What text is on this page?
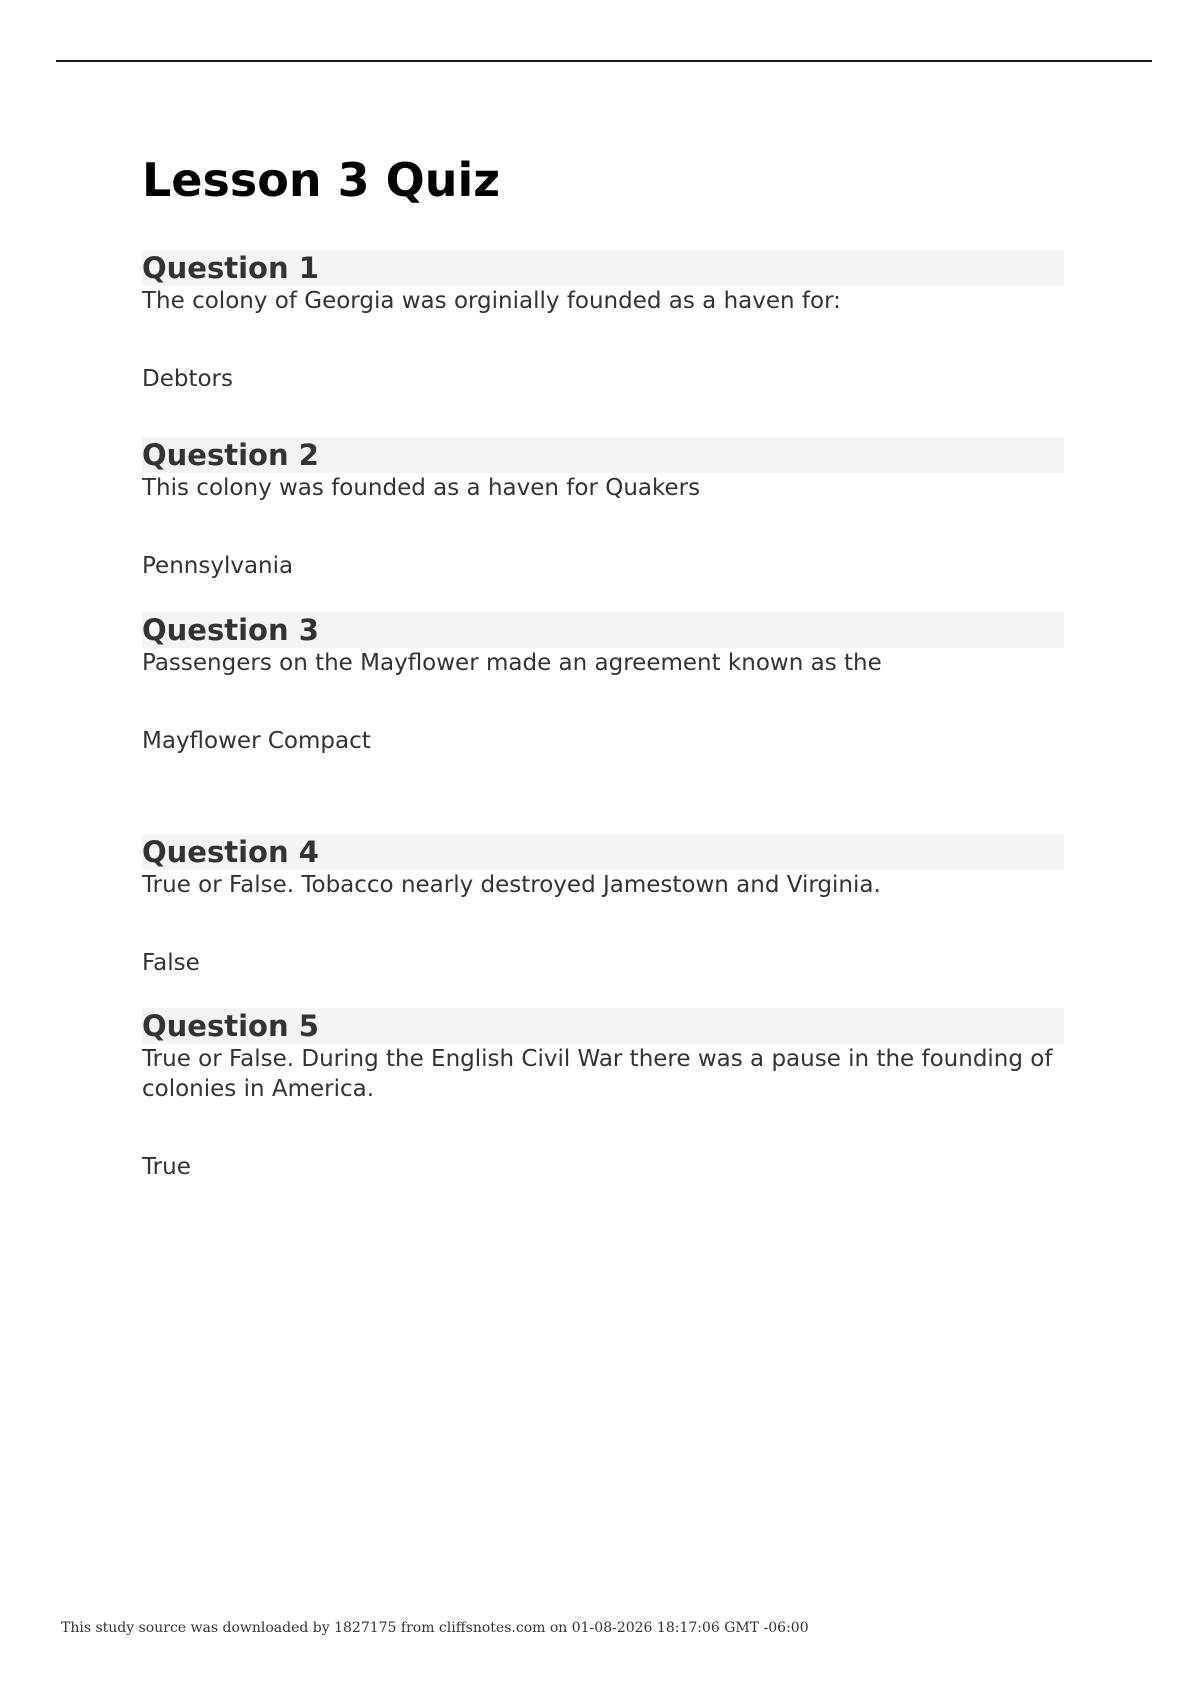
Lesson 3 Quiz
Question 1

The colony of Georgia was orginially founded as a haven for:

Debtors

Question 2

This colony was founded as a haven for Quakers

Pennsylvania

Question 3

Passengers on the Mayflower made an agreement known as the

Mayflower Compact

Question 4

True or False. Tobacco nearly destroyed Jamestown and Virginia.

False

Question 5

True or False. During the English Civil War there was a pause in the founding of colonies in America.

True

This study source was downloaded by 1827175 from cliffsnotes.com on 01-08-2026 18:17:06 GMT -06:00
